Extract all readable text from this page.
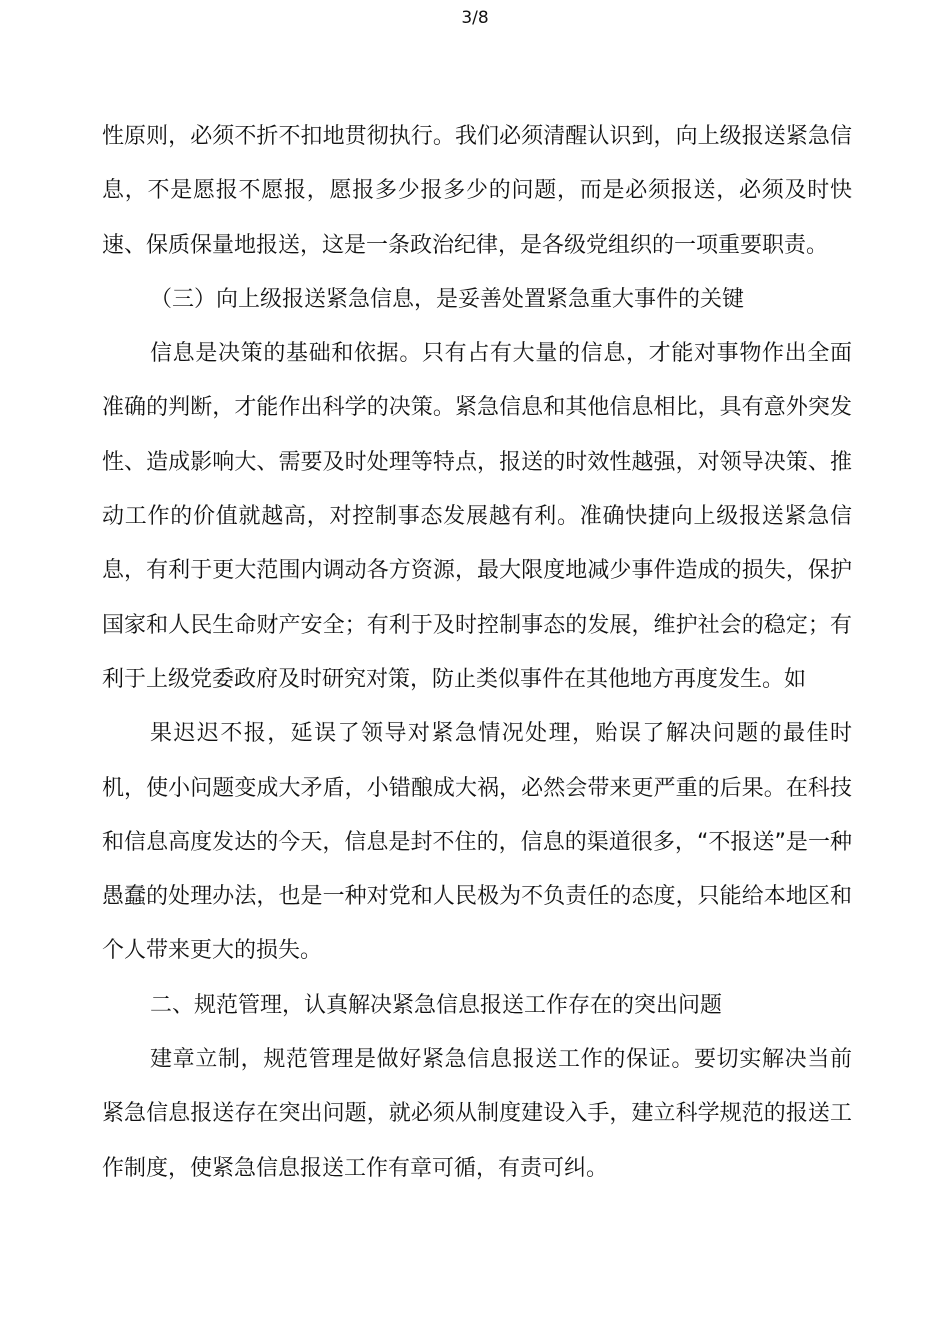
3/8

性原则，必须不折不扣地贯彻执行。我们必须清醒认识到，向上级报送紧急信息，不是愿报不愿报，愿报多少报多少的问题，而是必须报送，必须及时快速、保质保量地报送，这是一条政治纪律，是各级党组织的一项重要职责。

（三）向上级报送紧急信息，是妥善处置紧急重大事件的关键

信息是决策的基础和依据。只有占有大量的信息，才能对事物作出全面准确的判断，才能作出科学的决策。紧急信息和其他信息相比，具有意外突发性、造成影响大、需要及时处理等特点，报送的时效性越强，对领导决策、推动工作的价值就越高，对控制事态发展越有利。准确快捷向上级报送紧急信息，有利于更大范围内调动各方资源，最大限度地减少事件造成的损失，保护国家和人民生命财产安全；有利于及时控制事态的发展，维护社会的稳定；有利于上级党委政府及时研究对策，防止类似事件在其他地方再度发生。如

果迟迟不报，延误了领导对紧急情况处理，贻误了解决问题的最佳时机，使小问题变成大矛盾，小错酿成大祸，必然会带来更严重的后果。在科技和信息高度发达的今天，信息是封不住的，信息的渠道很多，“不报送”是一种愚蠢的处理办法，也是一种对党和人民极为不负责任的态度，只能给本地区和个人带来更大的损失。

二、规范管理，认真解决紧急信息报送工作存在的突出问题

建章立制，规范管理是做好紧急信息报送工作的保证。要切实解决当前紧急信息报送存在突出问题，就必须从制度建设入手，建立科学规范的报送工作制度，使紧急信息报送工作有章可循，有责可纠。
